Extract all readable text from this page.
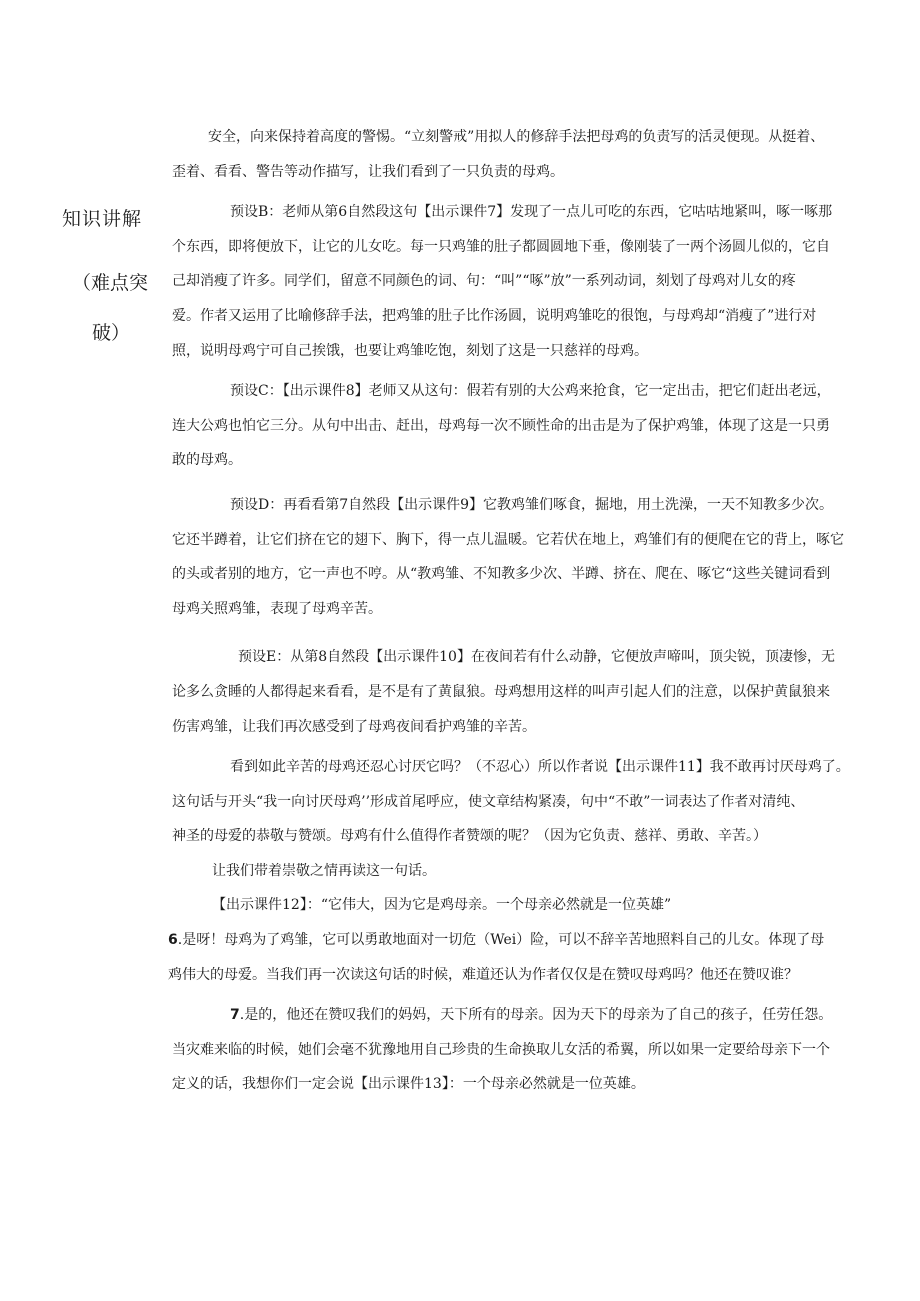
知识讲解
（难点突
破）

安全，向来保持着高度的警惕。“立刻警戒”用拟人的修辞手法把母鸡的负责写的活灵便现。从挺着、
歪着、看看、警告等动作描写，让我们看到了一只负责的母鸡。

预设B：老师从第6自然段这句【出示课件7】发现了一点儿可吃的东西，它咕咕地紧叫，啄一啄那
个东西，即将便放下，让它的儿女吃。每一只鸡雏的肚子都圆圆地下垂，像刚装了一两个汤圆儿似的，它自
己却消瘦了许多。同学们，留意不同颜色的词、句：“叫”“啄”放”一系列动词，刻划了母鸡对儿女的疼
爱。作者又运用了比喻修辞手法，把鸡雏的肚子比作汤圆，说明鸡雏吃的很饱，与母鸡却“消瘦了”进行对
照，说明母鸡宁可自己挨饿，也要让鸡雏吃饱，刻划了这是一只慈祥的母鸡。

预设C：【出示课件8】老师又从这句：假若有别的大公鸡来抢食，它一定出击，把它们赶出老远，
连大公鸡也怕它三分。从句中出击、赶出，母鸡每一次不顾性命的出击是为了保护鸡雏，体现了这是一只勇
敢的母鸡。

预设D：再看看第7自然段【出示课件9】它教鸡雏们啄食，掘地，用土洗澡，一天不知教多少次。
它还半蹲着，让它们挤在它的翅下、胸下，得一点儿温暖。它若伏在地上，鸡雏们有的便爬在它的背上，啄它
的头或者别的地方，它一声也不哼。从“教鸡雏、不知教多少次、半蹲、挤在、爬在、啄它“这些关键词看到
母鸡关照鸡雏，表现了母鸡辛苦。

预设E：从第8自然段【出示课件10】在夜间若有什么动静，它便放声啼叫，顶尖锐，顶凄惨，无
论多么贪睡的人都得起来看看，是不是有了黄鼠狼。母鸡想用这样的叫声引起人们的注意，以保护黄鼠狼来
伤害鸡雏，让我们再次感受到了母鸡夜间看护鸡雏的辛苦。

看到如此辛苦的母鸡还忍心讨厌它吗？（不忍心）所以作者说【出示课件11】我不敢再讨厌母鸡了。
这句话与开头“我一向讨厌母鸡’’形成首尾呼应，使文章结构紧凑，句中“不敢”一词表达了作者对清纯、
神圣的母爱的恭敬与赞颂。母鸡有什么值得作者赞颂的呢？（因为它负责、慈祥、勇敢、辛苦。）

让我们带着崇敬之情再读这一句话。

【出示课件12】：“它伟大，因为它是鸡母亲。一个母亲必然就是一位英雄”

6.是呀！母鸡为了鸡雏，它可以勇敢地面对一切危（Wei）险，可以不辞辛苦地照料自己的儿女。体现了母
鸡伟大的母爱。当我们再一次读这句话的时候，难道还认为作者仅仅是在赞叹母鸡吗？他还在赞叹谁？

7.是的，他还在赞叹我们的妈妈，天下所有的母亲。因为天下的母亲为了自己的孩子，任劳任怨。
当灾难来临的时候，她们会毫不犹豫地用自己珍贵的生命换取儿女活的希翼，所以如果一定要给母亲下一个
定义的话，我想你们一定会说【出示课件13】：一个母亲必然就是一位英雄。
